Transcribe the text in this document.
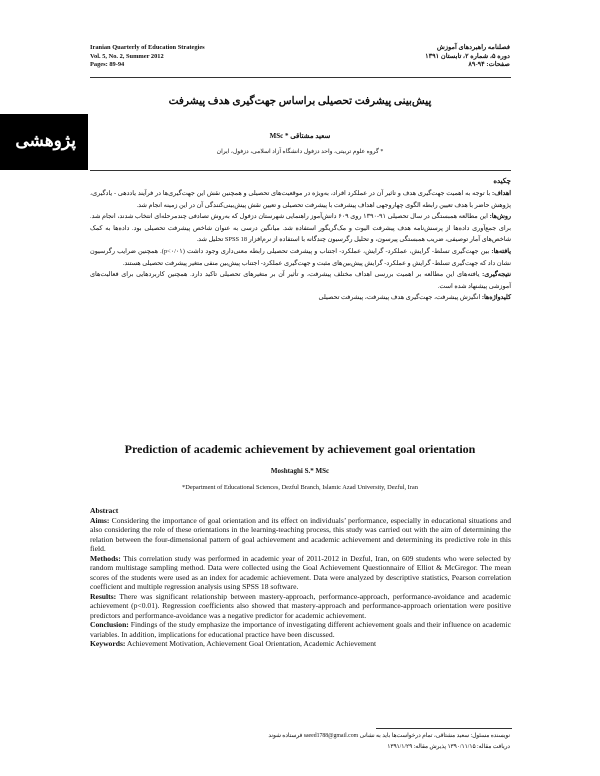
Iranian Quarterly of Education Strategies
Vol. 5, No. 2, Summer 2012
Pages: 89-94
فصلنامه راهبردهای آموزش
دوره ۵، شماره ۲، تابستان ۱۳۹۱
صفحات: ۹۴-۸۹
پیش‌بینی پیشرفت تحصیلی براساس جهت‌گیری هدف پیشرفت
پژوهشی	سعید مشتاقی * MSc
* گروه علوم تربیتی، واحد دزفول دانشگاه آزاد اسلامی، دزفول، ایران
چکیده
اهداف: با توجه به اهمیت جهت‌گیری هدف و تاثیر آن در عملکرد افراد، به‌ویژه در موقعیت‌های تحصیلی و همچنین نقش این جهت‌گیری‌ها در فرآیند یاددهی - یادگیری، پژوهش حاضر با هدف تعیین رابطه الگوی چهاروجهی اهداف پیشرفت با پیشرفت تحصیلی و تعیین نقش پیش‌بینی‌کنندگی آن در این زمینه انجام شد.
روش‌ها: این مطالعه همبستگی در سال تحصیلی ۹۱-۱۳۹۰ روی ۶۰۹ دانش‌آموز راهنمایی شهرستان دزفول که به‌روش تصادفی چندمرحله‌ای انتخاب شدند، انجام شد. برای جمع‌آوری داده‌ها از پرسش‌نامه هدف پیشرفت الیوت و مک‌گریگور استفاده شد. میانگین درسی به عنوان شاخص پیشرفت تحصیلی بود. داده‌ها به کمک شاخص‌های آمار توصیفی، ضریب همبستگی پیرسون، و تحلیل رگرسیون چندگانه با استفاده از نرم‌افزار SPSS 18 تحلیل شد.
یافته‌ها: بین جهت‌گیری تسلط- گرایش، عملکرد- گرایش، عملکرد- اجتناب و پیشرفت تحصیلی رابطه معنی‌داری وجود داشت (p<۰/۰۱). همچنین ضرایب رگرسیون نشان داد که جهت‌گیری تسلط- گرایش و عملکرد- گرایش پیش‌بین‌های مثبت و جهت‌گیری عملکرد- اجتناب پیش‌بین منفی متغیر پیشرفت تحصیلی هستند.
نتیجه‌گیری: یافته‌های این مطالعه بر اهمیت بررسی اهداف مختلف پیشرفت، و تأثیر آن بر متغیرهای تحصیلی تاکید دارد. همچنین کاربردهایی برای فعالیت‌های آموزشی پیشنهاد شده است.
کلیدواژه‌ها: انگیزش پیشرفت، جهت‌گیری هدف پیشرفت، پیشرفت تحصیلی
Prediction of academic achievement by achievement goal orientation
Moshtaghi S.* MSc
*Department of Educational Sciences, Dezful Branch, Islamic Azad University, Dezful, Iran

Abstract

Aims: Considering the importance of goal orientation and its effect on individuals’ performance, especially in educational situations and also considering the role of these orientations in the learning-teaching process, this study was carried out with the aim of determining the relation between the four-dimensional pattern of goal achievement and academic achievement and determining its predictive role in this field.

Methods: This correlation study was performed in academic year of 2011-2012 in Dezful, Iran, on 609 students who were selected by random multistage sampling method. Data were collected using the Goal Achievement Questionnaire of Elliot & McGregor. The mean scores of the students were used as an index for academic achievement. Data were analyzed by descriptive statistics, Pearson correlation coefficient and multiple regression analysis using SPSS 18 software.

Results: There was significant relationship between mastery-approach, performance-approach, performance-avoidance and academic achievement (p<0.01). Regression coefficients also showed that mastery-approach and performance-approach orientation were positive predictors and performance-avoidance was a negative predictor for academic achievement.

Conclusion: Findings of the study emphasize the importance of investigating different achievement goals and their influence on academic variables. In addition, implications for educational practice have been discussed.

Keywords: Achievement Motivation, Achievement Goal Orientation, Academic Achievement

نویسنده مسئول: سعید مشتاقی، تمام درخواست‌ها باید به نشانی saeed1788@gmail.com فرستاده شوند
دریافت مقاله: ۱۳۹۰/۱۱/۱۵ پذیرش مقاله: ۱۳۹۱/۱/۲۹
